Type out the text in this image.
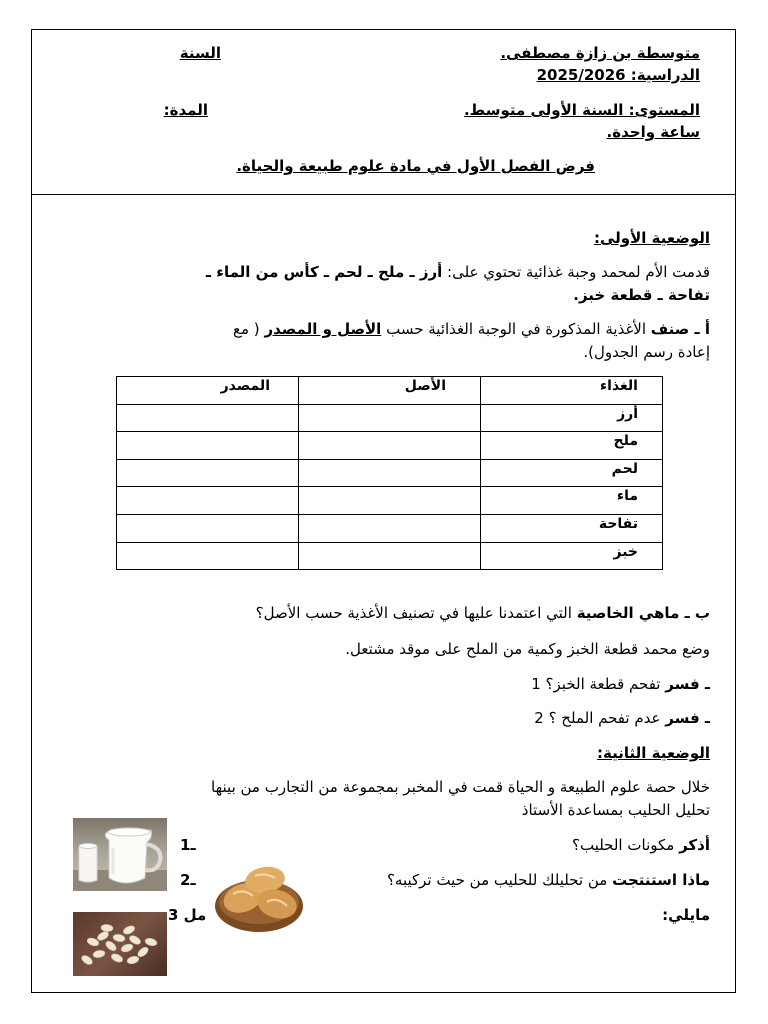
متوسطة بن زازة مصطفى.
السنة
الدراسية: 2025/2026
المستوى: السنة الأولى متوسط.
المدة:
ساعة واحدة.
فرض الفصل الأول في مادة علوم طبيعة والحياة.
الوضعية الأولى:
قدمت الأم لمحمد وجبة غذائية تحتوي على: أرز ـ ملح ـ لحم ـ كأس من الماء ـ
تفاحة ـ قطعة خبز.
أ ـ صنف الأغذية المذكورة في الوجبة الغذائية حسب الأصل و المصدر ( مع
إعادة رسم الجدول).
الغذاء	الأصل	المصدر
أرز		
ملح		
لحم		
ماء		
تفاحة		
خبز		
ب ـ ماهي الخاصية التي اعتمدنا عليها في تصنيف الأغذية حسب الأصل؟
وضع محمد قطعة الخبز وكمية من الملح على موقد مشتعل.
ـ فسر تفحم قطعة الخبز؟ 1
ـ فسر عدم تفحم الملح ؟ 2
الوضعية الثانية:
خلال حصة علوم الطبيعة و الحياة قمت في المخبر بمجموعة من التجارب من بينها
تحليل الحليب بمساعدة الأستاذ
أذكر مكونات الحليب؟
ـ1
ماذا استنتجت من تحليلك للحليب من حيث تركيبه؟
ـ2
مايلي:
مل 3
